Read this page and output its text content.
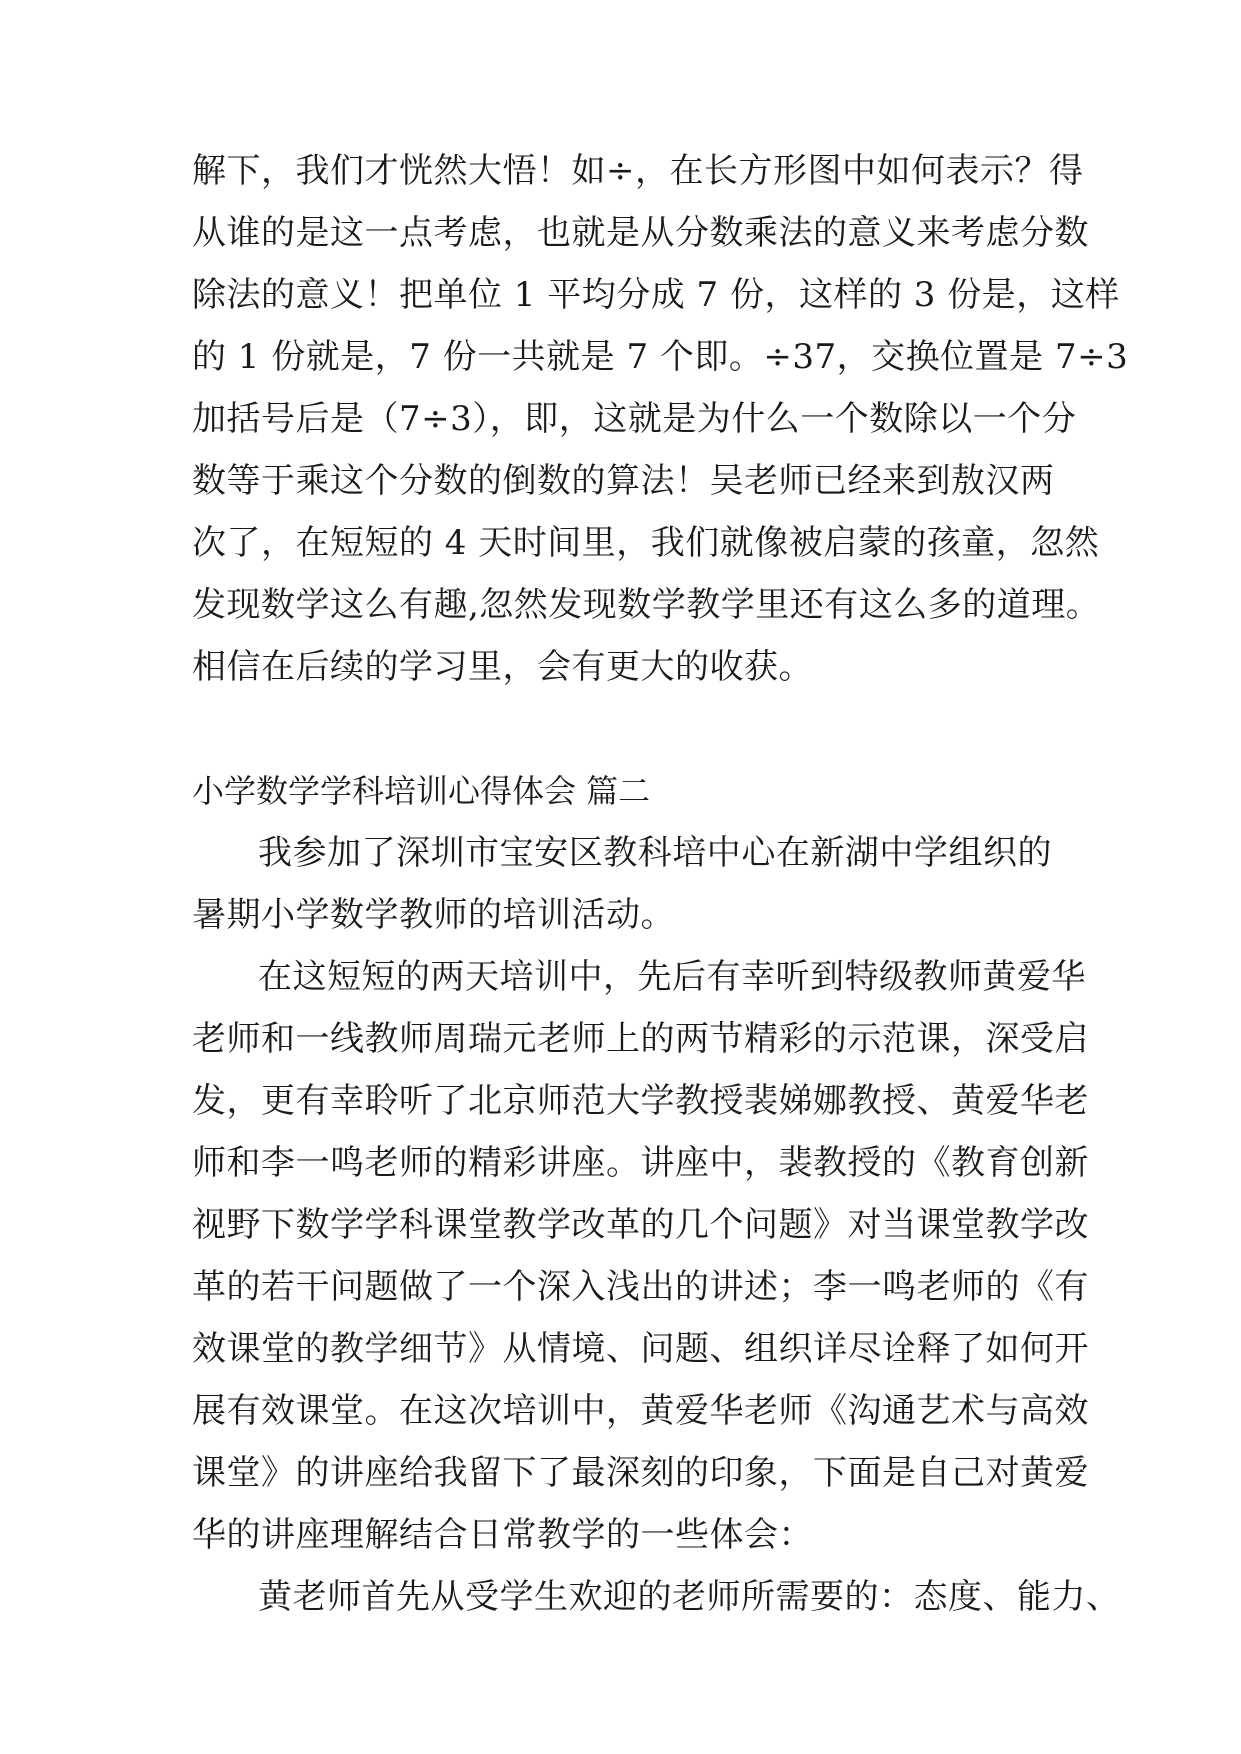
解下，我们才恍然大悟！如÷，在长方形图中如何表示？得
从谁的是这一点考虑，也就是从分数乘法的意义来考虑分数
除法的意义！把单位 1 平均分成 7 份，这样的 3 份是，这样
的 1 份就是，7 份一共就是 7 个即。÷37，交换位置是 7÷3
加括号后是（7÷3），即，这就是为什么一个数除以一个分
数等于乘这个分数的倒数的算法！吴老师已经来到敖汉两
次了，在短短的 4 天时间里，我们就像被启蒙的孩童，忽然
发现数学这么有趣,忽然发现数学教学里还有这么多的道理。
相信在后续的学习里，会有更大的收获。
小学数学学科培训心得体会 篇二
我参加了深圳市宝安区教科培中心在新湖中学组织的
暑期小学数学教师的培训活动。
在这短短的两天培训中，先后有幸听到特级教师黄爱华
老师和一线教师周瑞元老师上的两节精彩的示范课，深受启
发，更有幸聆听了北京师范大学教授裴娣娜教授、黄爱华老
师和李一鸣老师的精彩讲座。讲座中，裴教授的《教育创新
视野下数学学科课堂教学改革的几个问题》对当课堂教学改
革的若干问题做了一个深入浅出的讲述；李一鸣老师的《有
效课堂的教学细节》从情境、问题、组织详尽诠释了如何开
展有效课堂。在这次培训中，黄爱华老师《沟通艺术与高效
课堂》的讲座给我留下了最深刻的印象，下面是自己对黄爱
华的讲座理解结合日常教学的一些体会：
黄老师首先从受学生欢迎的老师所需要的：态度、能力、
